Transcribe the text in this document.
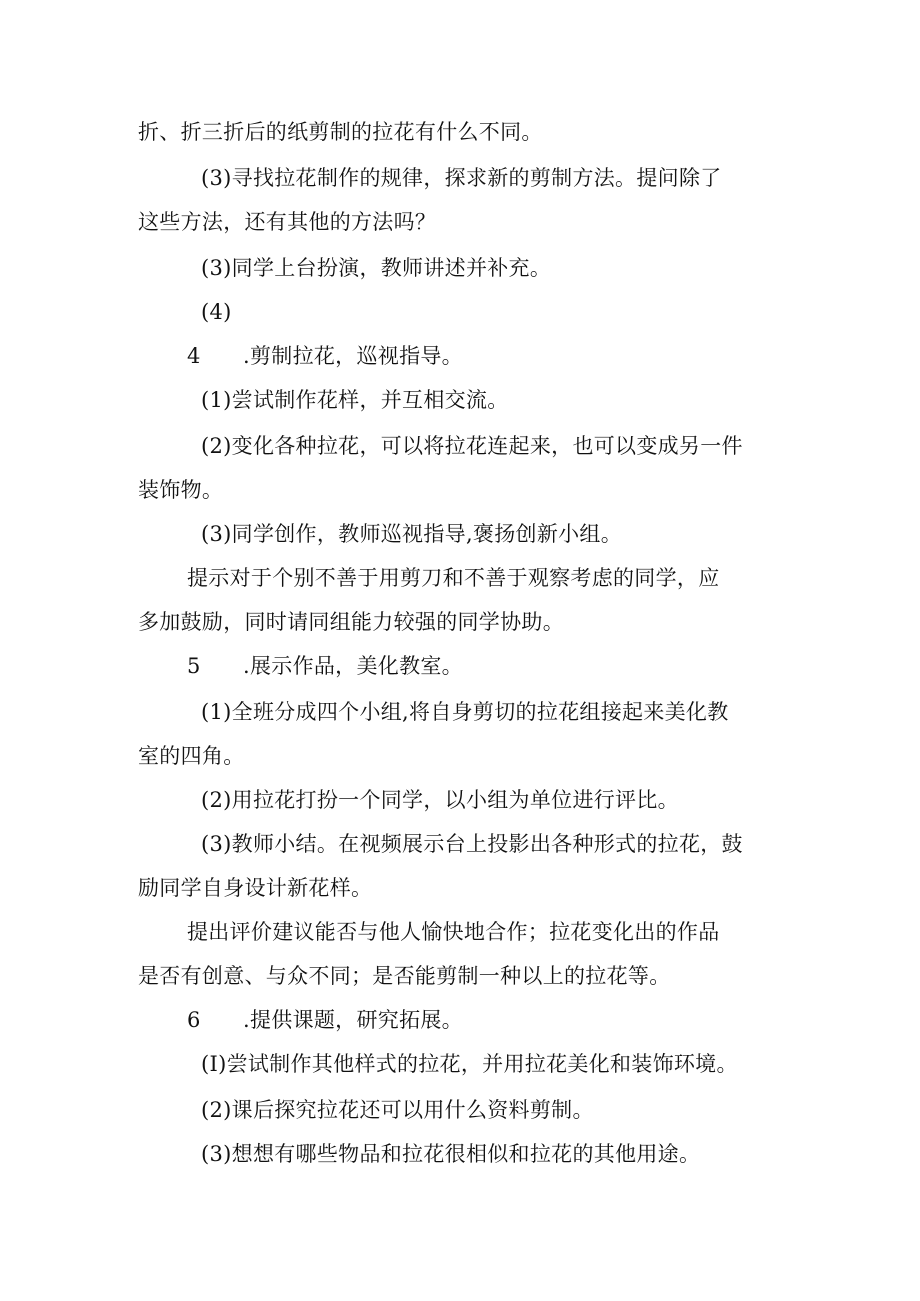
折、折三折后的纸剪制的拉花有什么不同。
(3)寻找拉花制作的规律，探求新的剪制方法。提问除了
这些方法，还有其他的方法吗？
(3)同学上台扮演，教师讲述并补充。
(4)
4 .剪制拉花，巡视指导。
(1)尝试制作花样，并互相交流。
(2)变化各种拉花，可以将拉花连起来，也可以变成另一件
装饰物。
(3)同学创作，教师巡视指导,褒扬创新小组。
提示对于个别不善于用剪刀和不善于观察考虑的同学，应
多加鼓励，同时请同组能力较强的同学协助。
5 .展示作品，美化教室。
(1)全班分成四个小组,将自身剪切的拉花组接起来美化教
室的四角。
(2)用拉花打扮一个同学，以小组为单位进行评比。
(3)教师小结。在视频展示台上投影出各种形式的拉花，鼓
励同学自身设计新花样。
提出评价建议能否与他人愉快地合作；拉花变化出的作品
是否有创意、与众不同；是否能剪制一种以上的拉花等。
6 .提供课题，研究拓展。
(I)尝试制作其他样式的拉花，并用拉花美化和装饰环境。
(2)课后探究拉花还可以用什么资料剪制。
(3)想想有哪些物品和拉花很相似和拉花的其他用途。
